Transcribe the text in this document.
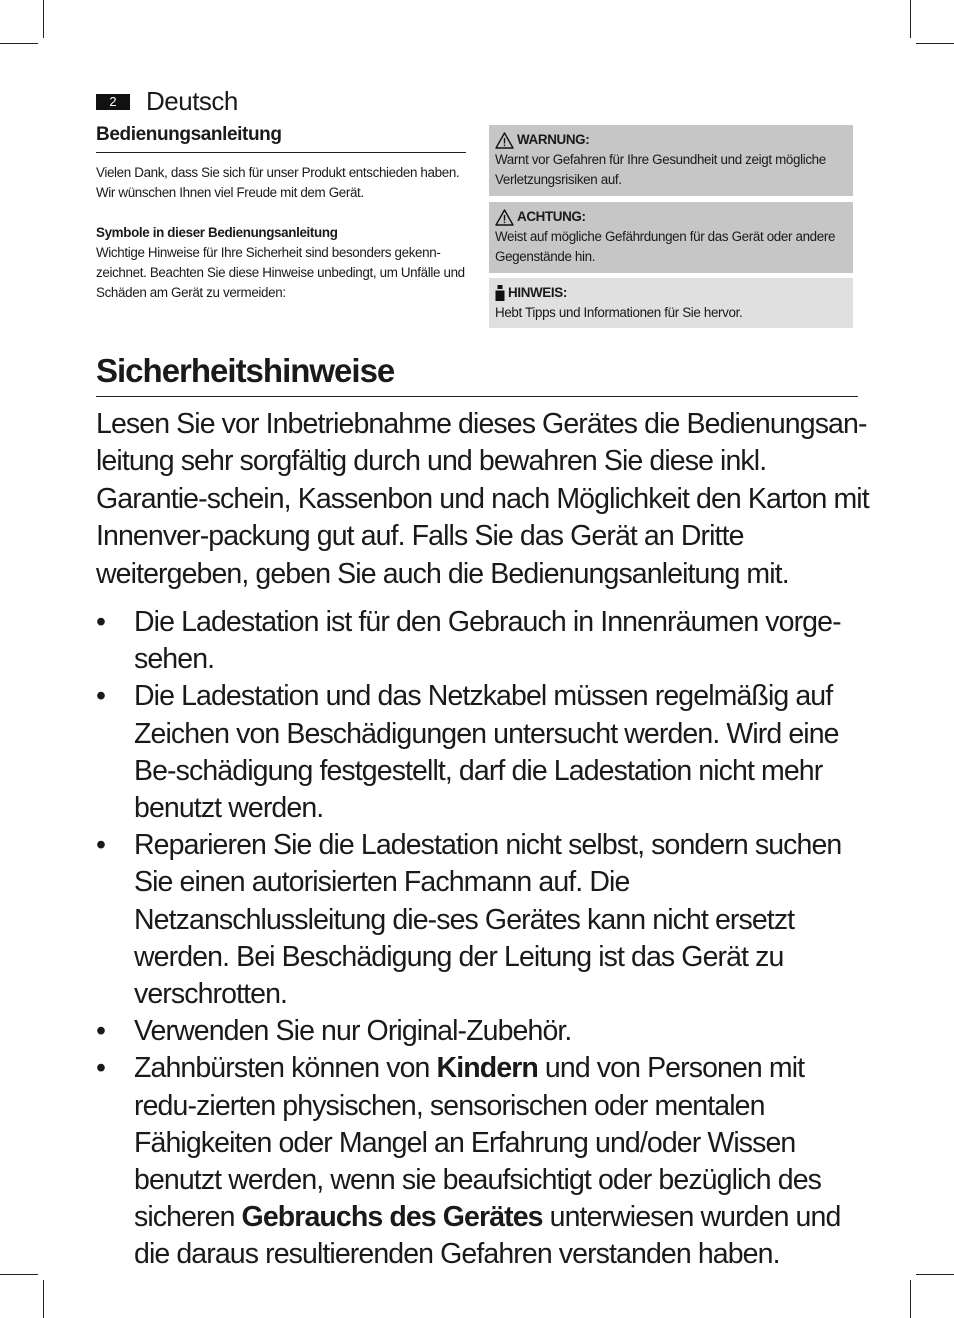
2	Deutsch
Bedienungsanleitung

Vielen Dank, dass Sie sich für unser Produkt entschieden haben. Wir wünschen Ihnen viel Freude mit dem Gerät.

Symbole in dieser Bedienungsanleitung

Wichtige Hinweise für Ihre Sicherheit sind besonders gekenn-zeichnet. Beachten Sie diese Hinweise unbedingt, um Unfälle und Schäden am Gerät zu vermeiden:

WARNUNG:
Warnt vor Gefahren für Ihre Gesundheit und zeigt mögliche Verletzungsrisiken auf.
ACHTUNG:
Weist auf mögliche Gefährdungen für das Gerät oder andere Gegenstände hin.
HINWEIS:
Hebt Tipps und Informationen für Sie hervor.
Sicherheitshinweise

Lesen Sie vor Inbetriebnahme dieses Gerätes die Bedienungsan-leitung sehr sorgfältig durch und bewahren Sie diese inkl. Garantie-schein, Kassenbon und nach Möglichkeit den Karton mit Innenver-packung gut auf. Falls Sie das Gerät an Dritte weitergeben, geben Sie auch die Bedienungsanleitung mit.

•	Die Ladestation ist für den Gebrauch in Innenräumen vorge-sehen.
•	Die Ladestation und das Netzkabel müssen regelmäßig auf Zeichen von Beschädigungen untersucht werden. Wird eine Be-schädigung festgestellt, darf die Ladestation nicht mehr benutzt werden.
•	Reparieren Sie die Ladestation nicht selbst, sondern suchen Sie einen autorisierten Fachmann auf. Die Netzanschlussleitung die-ses Gerätes kann nicht ersetzt werden. Bei Beschädigung der Leitung ist das Gerät zu verschrotten.
•	Verwenden Sie nur Original-Zubehör.
•	Zahnbürsten können von Kindern und von Personen mit redu-zierten physischen, sensorischen oder mentalen Fähigkeiten oder Mangel an Erfahrung und/oder Wissen benutzt werden, wenn sie beaufsichtigt oder bezüglich des sicheren Gebrauchs des Gerätes unterwiesen wurden und die daraus resultierenden Gefahren verstanden haben.
